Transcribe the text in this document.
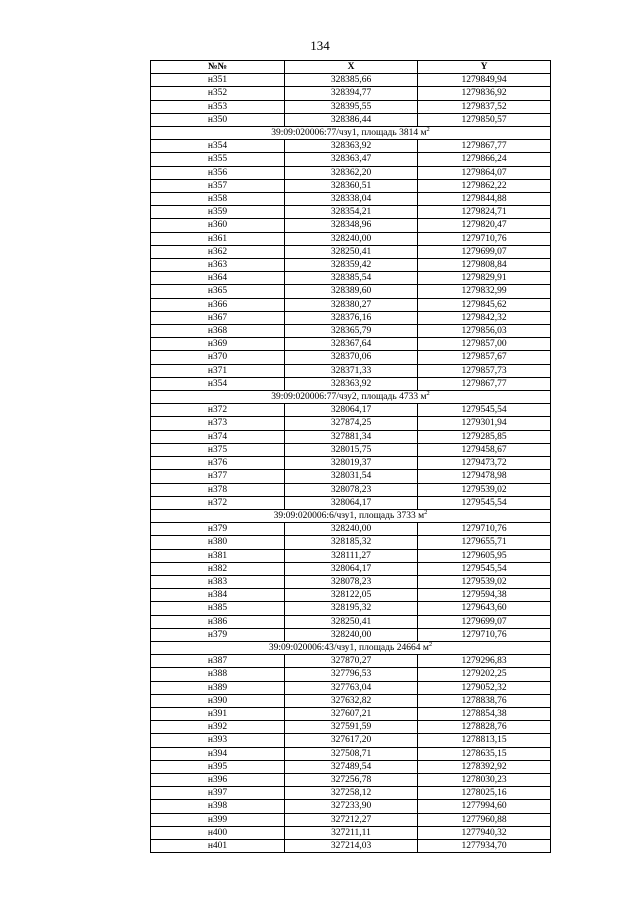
134
№№	X	Y
н351	328385,66	1279849,94
н352	328394,77	1279836,92
н353	328395,55	1279837,52
н350	328386,44	1279850,57
39:09:020006:77/чзу1, площадь 3814 $м^2$
н354	328363,92	1279867,77
н355	328363,47	1279866,24
н356	328362,20	1279864,07
н357	328360,51	1279862,22
н358	328338,04	1279844,88
н359	328354,21	1279824,71
н360	328348,96	1279820,47
н361	328240,00	1279710,76
н362	328250,41	1279699,07
н363	328359,42	1279808,84
н364	328385,54	1279829,91
н365	328389,60	1279832,99
н366	328380,27	1279845,62
н367	328376,16	1279842,32
н368	328365,79	1279856,03
н369	328367,64	1279857,00
н370	328370,06	1279857,67
н371	328371,33	1279857,73
н354	328363,92	1279867,77
39:09:020006:77/чзу2, площадь 4733 $м^2$
н372	328064,17	1279545,54
н373	327874,25	1279301,94
н374	327881,34	1279285,85
н375	328015,75	1279458,67
н376	328019,37	1279473,72
н377	328031,54	1279478,98
н378	328078,23	1279539,02
н372	328064,17	1279545,54
39:09:020006:6/чзу1, площадь 3733 $м^2$
н379	328240,00	1279710,76
н380	328185,32	1279655,71
н381	328111,27	1279605,95
н382	328064,17	1279545,54
н383	328078,23	1279539,02
н384	328122,05	1279594,38
н385	328195,32	1279643,60
н386	328250,41	1279699,07
н379	328240,00	1279710,76
39:09:020006:43/чзу1, площадь 24664 $м^2$
н387	327870,27	1279296,83
н388	327796,53	1279202,25
н389	327763,04	1279052,32
н390	327632,82	1278838,76
н391	327607,21	1278854,38
н392	327591,59	1278828,76
н393	327617,20	1278813,15
н394	327508,71	1278635,15
н395	327489,54	1278392,92
н396	327256,78	1278030,23
н397	327258,12	1278025,16
н398	327233,90	1277994,60
н399	327212,27	1277960,88
н400	327211,11	1277940,32
н401	327214,03	1277934,70
